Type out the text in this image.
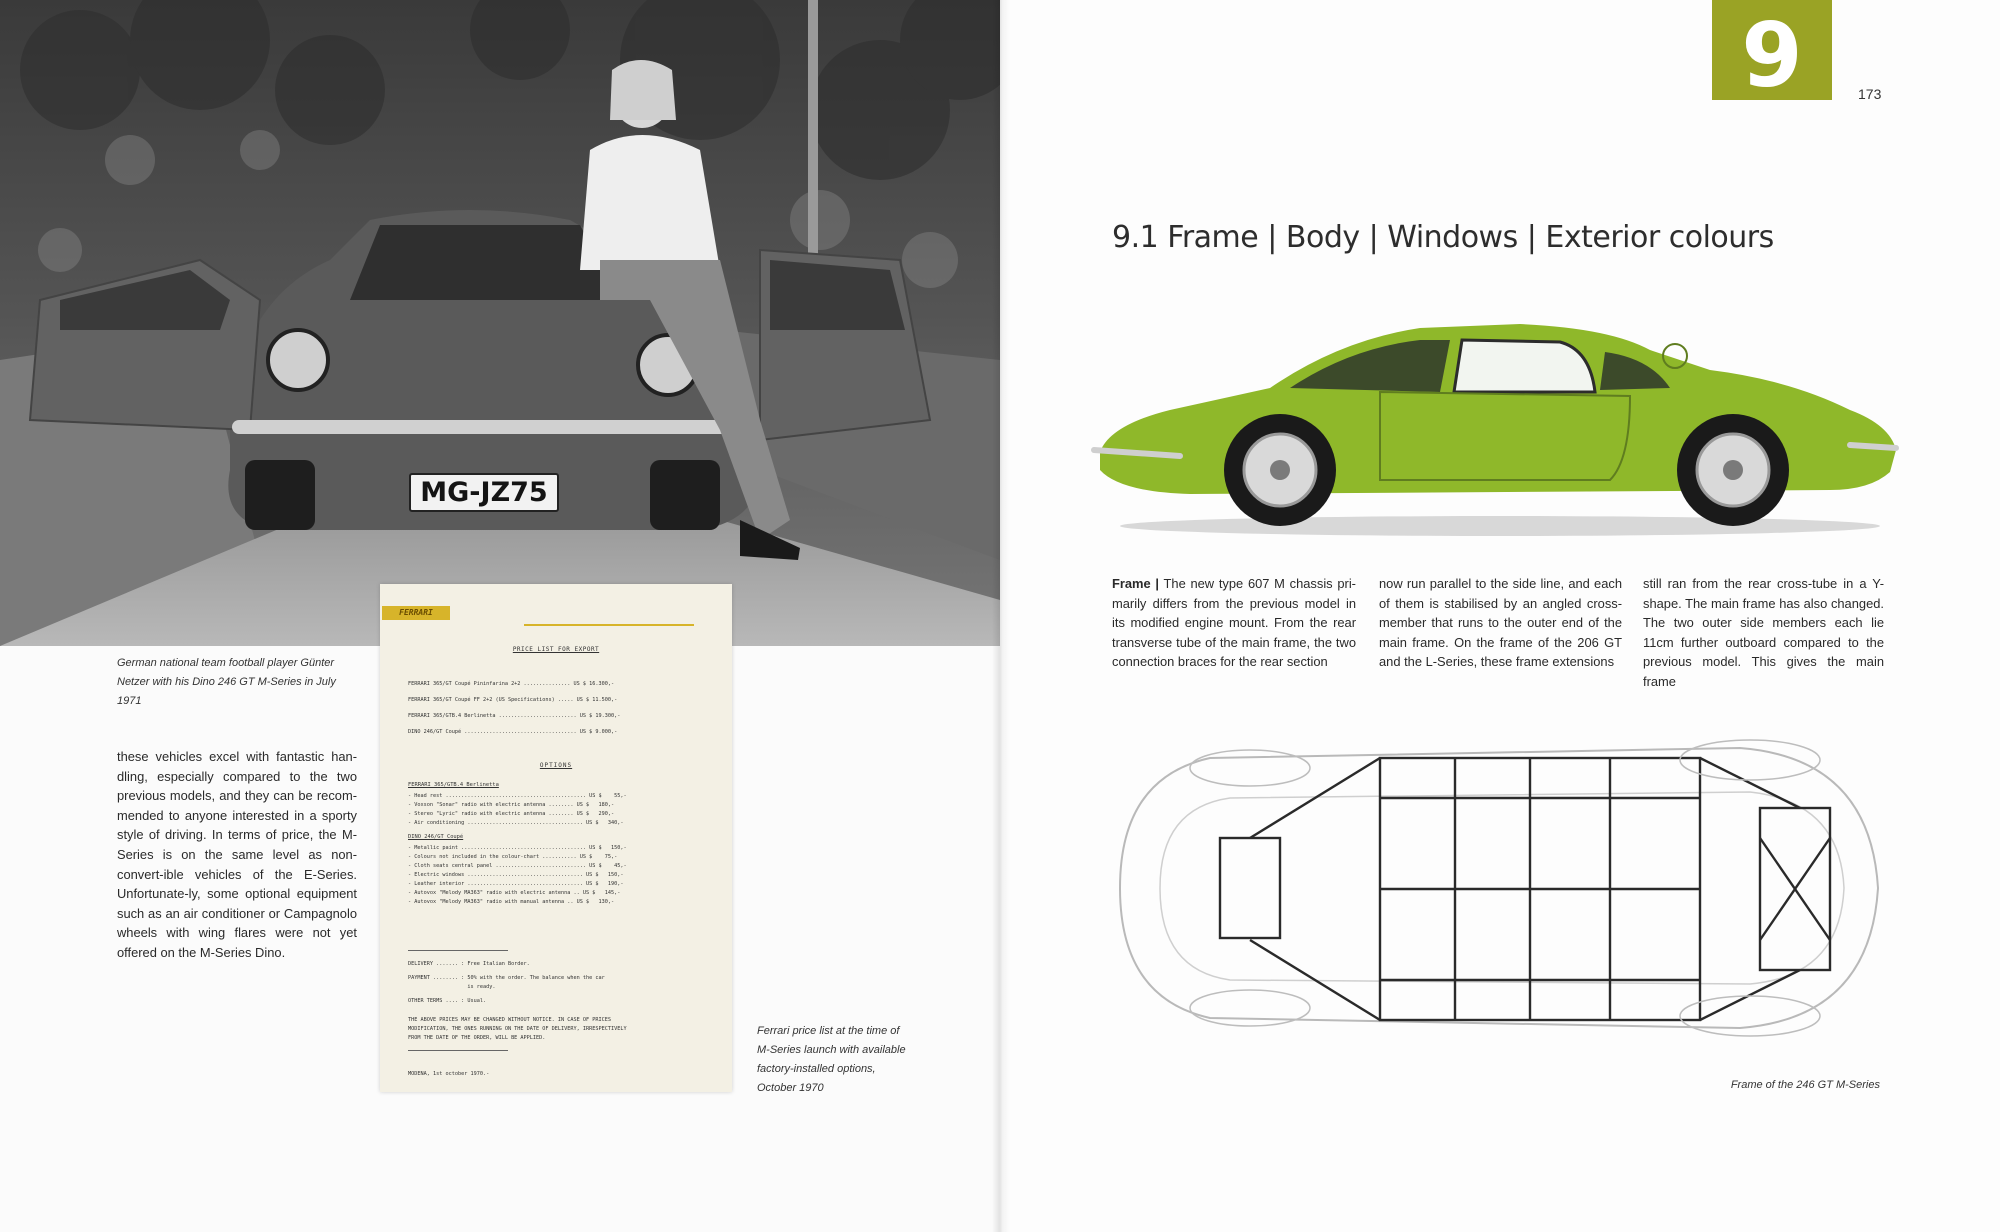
MG-JZ75
German national team football player Günter Netzer with his Dino 246 GT M-Series in July 1971
these vehicles excel with fantastic han-dling, especially compared to the two previous models, and they can be recom-mended to anyone interested in a sporty style of driving. In terms of price, the M-Series is on the same level as non-convert-ible vehicles of the E-Series. Unfortunate-ly, some optional equipment such as an air conditioner or Campagnolo wheels with wing flares were not yet offered on the M-Series Dino.
FERRARI
PRICE LIST FOR EXPORT
FERRARI 365/GT Coupé Pininfarina 2+2 ............... US $ 16.300,-
FERRARI 365/GT Coupé FF 2+2 (US Specifications) ..... US $ 11.500,-
FERRARI 365/GTB.4 Berlinetta ......................... US $ 19.300,-
DINO 246/GT Coupé .................................... US $ 9.000,-
OPTIONS
FERRARI 365/GTB.4 Berlinetta
- Head rest ............................................. US $    55,-
- Voxson "Sonar" radio with electric antenna ........ US $   180,-
- Stereo "Lyric" radio with electric antenna ........ US $   290,-
- Air conditioning ..................................... US $   340,-
DINO 246/GT Coupé
- Metallic paint ........................................ US $   150,-
- Colours not included in the colour-chart ........... US $    75,-
- Cloth seats central panel ............................. US $    45,-
- Electric windows ..................................... US $   150,-
- Leather interior ..................................... US $   190,-
- Autovox "Melody MA363" radio with electric antenna .. US $   145,-
- Autovox "Melody MA363" radio with manual antenna .. US $   130,-
DELIVERY ....... : Free Italian Border.
PAYMENT ........ : 50% with the order. The balance when the car
is ready.
OTHER TERMS .... : Usual.
THE ABOVE PRICES MAY BE CHANGED WITHOUT NOTICE. IN CASE OF PRICES
MODIFICATION, THE ONES RUNNING ON THE DATE OF DELIVERY, IRRESPECTIVELY
FROM THE DATE OF THE ORDER, WILL BE APPLIED.
MODENA, 1st october 1970.-
Ferrari price list at the time of M-Series launch with available factory-installed options, October 1970
9	173
9.1 Frame | Body | Windows | Exterior colours
Frame | The new type 607 M chassis pri-marily differs from the previous model in its modified engine mount. From the rear transverse tube of the main frame, the two connection braces for the rear section
now run parallel to the side line, and each of them is stabilised by an angled cross-member that runs to the outer end of the main frame. On the frame of the 206 GT and the L-Series, these frame extensions
still ran from the rear cross-tube in a Y-shape. The main frame has also changed. The two outer side members each lie 11cm further outboard compared to the previous model. This gives the main frame
Frame of the 246 GT M-Series
